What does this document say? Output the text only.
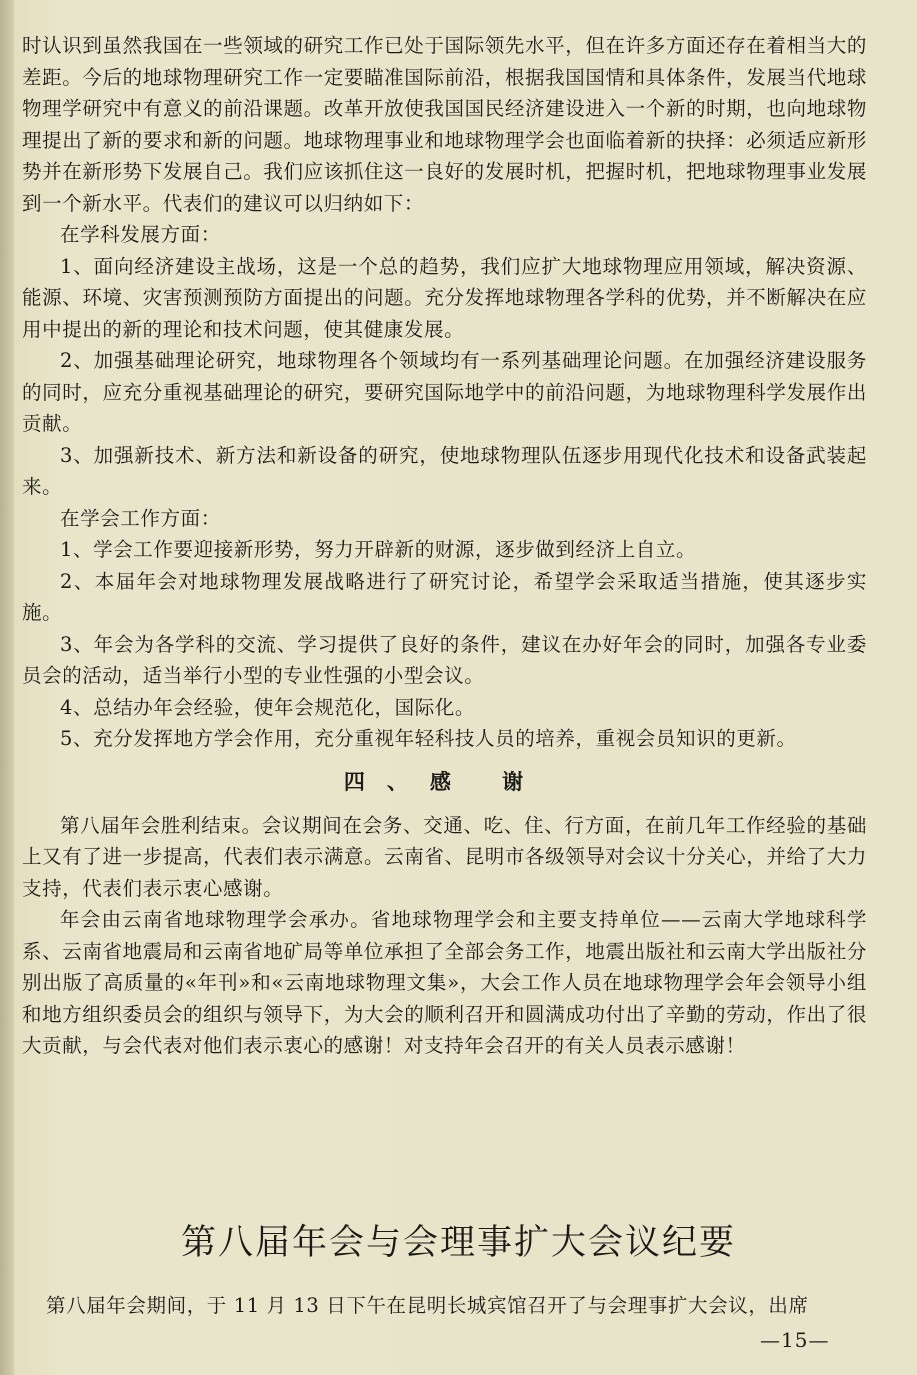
时认识到虽然我国在一些领域的研究工作已处于国际领先水平，但在许多方面还存在着相当大的差距。今后的地球物理研究工作一定要瞄准国际前沿，根据我国国情和具体条件，发展当代地球物理学研究中有意义的前沿课题。改革开放使我国国民经济建设进入一个新的时期，也向地球物理提出了新的要求和新的问题。地球物理事业和地球物理学会也面临着新的抉择：必须适应新形势并在新形势下发展自己。我们应该抓住这一良好的发展时机，把握时机，把地球物理事业发展到一个新水平。代表们的建议可以归纳如下：

在学科发展方面：

1、面向经济建设主战场，这是一个总的趋势，我们应扩大地球物理应用领域，解决资源、能源、环境、灾害预测预防方面提出的问题。充分发挥地球物理各学科的优势，并不断解决在应用中提出的新的理论和技术问题，使其健康发展。

2、加强基础理论研究，地球物理各个领域均有一系列基础理论问题。在加强经济建设服务的同时，应充分重视基础理论的研究，要研究国际地学中的前沿问题，为地球物理科学发展作出贡献。

3、加强新技术、新方法和新设备的研究，使地球物理队伍逐步用现代化技术和设备武装起来。

在学会工作方面：

1、学会工作要迎接新形势，努力开辟新的财源，逐步做到经济上自立。

2、本届年会对地球物理发展战略进行了研究讨论，希望学会采取适当措施，使其逐步实施。

3、年会为各学科的交流、学习提供了良好的条件，建议在办好年会的同时，加强各专业委员会的活动，适当举行小型的专业性强的小型会议。

4、总结办年会经验，使年会规范化，国际化。

5、充分发挥地方学会作用，充分重视年轻科技人员的培养，重视会员知识的更新。

四、感 谢

第八届年会胜利结束。会议期间在会务、交通、吃、住、行方面，在前几年工作经验的基础上又有了进一步提高，代表们表示满意。云南省、昆明市各级领导对会议十分关心，并给了大力支持，代表们表示衷心感谢。

年会由云南省地球物理学会承办。省地球物理学会和主要支持单位——云南大学地球科学系、云南省地震局和云南省地矿局等单位承担了全部会务工作，地震出版社和云南大学出版社分别出版了高质量的«年刊»和«云南地球物理文集»，大会工作人员在地球物理学会年会领导小组和地方组织委员会的组织与领导下，为大会的顺利召开和圆满成功付出了辛勤的劳动，作出了很大贡献，与会代表对他们表示衷心的感谢！对支持年会召开的有关人员表示感谢！

第八届年会与会理事扩大会议纪要
第八届年会期间，于 11 月 13 日下午在昆明长城宾馆召开了与会理事扩大会议，出席
—15—
